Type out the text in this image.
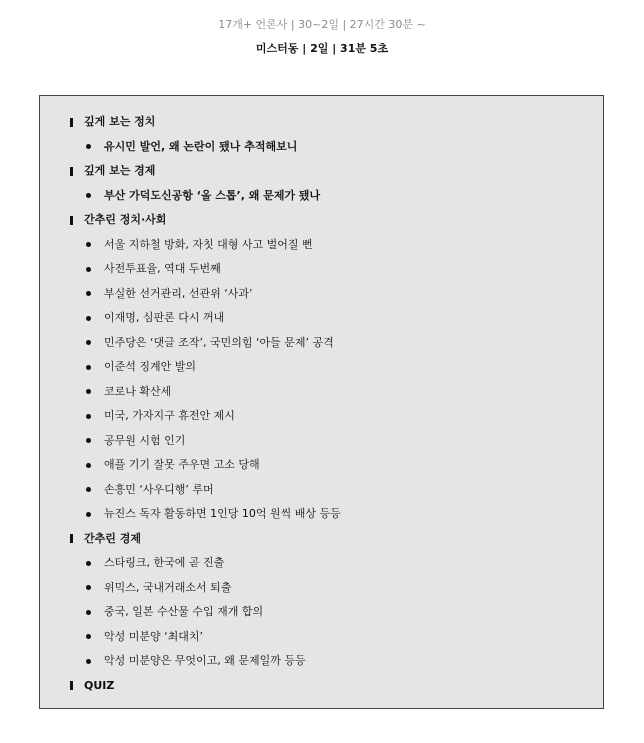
17개+ 언론사 | 30~2일 | 27시간 30분 ~
미스터동 | 2일 | 31분 5초
깊게 보는 정치
유시민 발언, 왜 논란이 됐나 추적해보니
깊게 보는 경제
부산 가덕도신공항 ‘올 스톱’, 왜 문제가 됐나
간추린 정치·사회
서울 지하철 방화, 자칫 대형 사고 벌어질 뻔
사전투표율, 역대 두번째
부실한 선거관리, 선관위 ‘사과’
이재명, 심판론 다시 꺼내
민주당은 ‘댓글 조작’, 국민의힘 ‘아들 문제’ 공격
이준석 징계안 발의
코로나 확산세
미국, 가자지구 휴전안 제시
공무원 시험 인기
애플 기기 잘못 주우면 고소 당해
손흥민 ‘사우디행’ 루머
뉴진스 독자 활동하면 1인당 10억 원씩 배상 등등
간추린 경제
스타링크, 한국에 곧 진출
위믹스, 국내거래소서 퇴출
중국, 일본 수산물 수입 재개 합의
악성 미분양 ‘최대치’
악성 미분양은 무엇이고, 왜 문제일까 등등
QUIZ
